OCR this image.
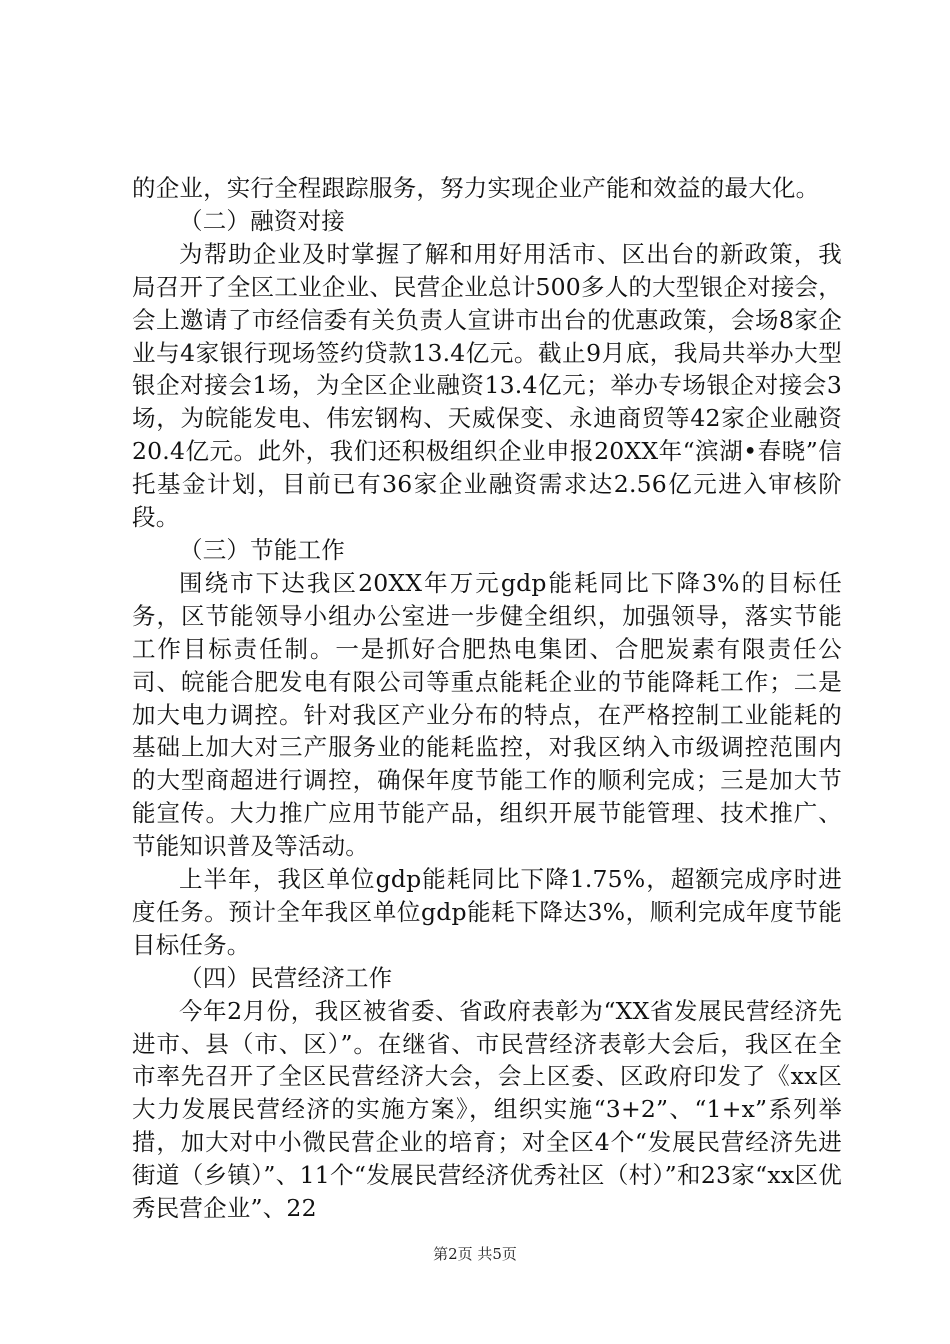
的企业，实行全程跟踪服务，努力实现企业产能和效益的最大化。

（二）融资对接

为帮助企业及时掌握了解和用好用活市、区出台的新政策，我局召开了全区工业企业、民营企业总计500多人的大型银企对接会，会上邀请了市经信委有关负责人宣讲市出台的优惠政策，会场8家企业与4家银行现场签约贷款13.4亿元。截止9月底，我局共举办大型银企对接会1场，为全区企业融资13.4亿元；举办专场银企对接会3场，为皖能发电、伟宏钢构、天威保变、永迪商贸等42家企业融资20.4亿元。此外，我们还积极组织企业申报20XX年“滨湖•春晓”信托基金计划，目前已有36家企业融资需求达2.56亿元进入审核阶段。

（三）节能工作

围绕市下达我区20XX年万元gdp能耗同比下降3%的目标任务，区节能领导小组办公室进一步健全组织，加强领导，落实节能工作目标责任制。一是抓好合肥热电集团、合肥炭素有限责任公司、皖能合肥发电有限公司等重点能耗企业的节能降耗工作；二是加大电力调控。针对我区产业分布的特点，在严格控制工业能耗的基础上加大对三产服务业的能耗监控，对我区纳入市级调控范围内的大型商超进行调控，确保年度节能工作的顺利完成；三是加大节能宣传。大力推广应用节能产品，组织开展节能管理、技术推广、节能知识普及等活动。

上半年，我区单位gdp能耗同比下降1.75%，超额完成序时进度任务。预计全年我区单位gdp能耗下降达3%，顺利完成年度节能目标任务。

（四）民营经济工作

今年2月份，我区被省委、省政府表彰为“XX省发展民营经济先进市、县（市、区）”。在继省、市民营经济表彰大会后，我区在全市率先召开了全区民营经济大会，会上区委、区政府印发了《xx区大力发展民营经济的实施方案》，组织实施“3+2”、“1+x”系列举措，加大对中小微民营企业的培育；对全区4个“发展民营经济先进街道（乡镇）”、11个“发展民营经济优秀社区（村）”和23家“xx区优秀民营企业”、22

第2页 共5页
